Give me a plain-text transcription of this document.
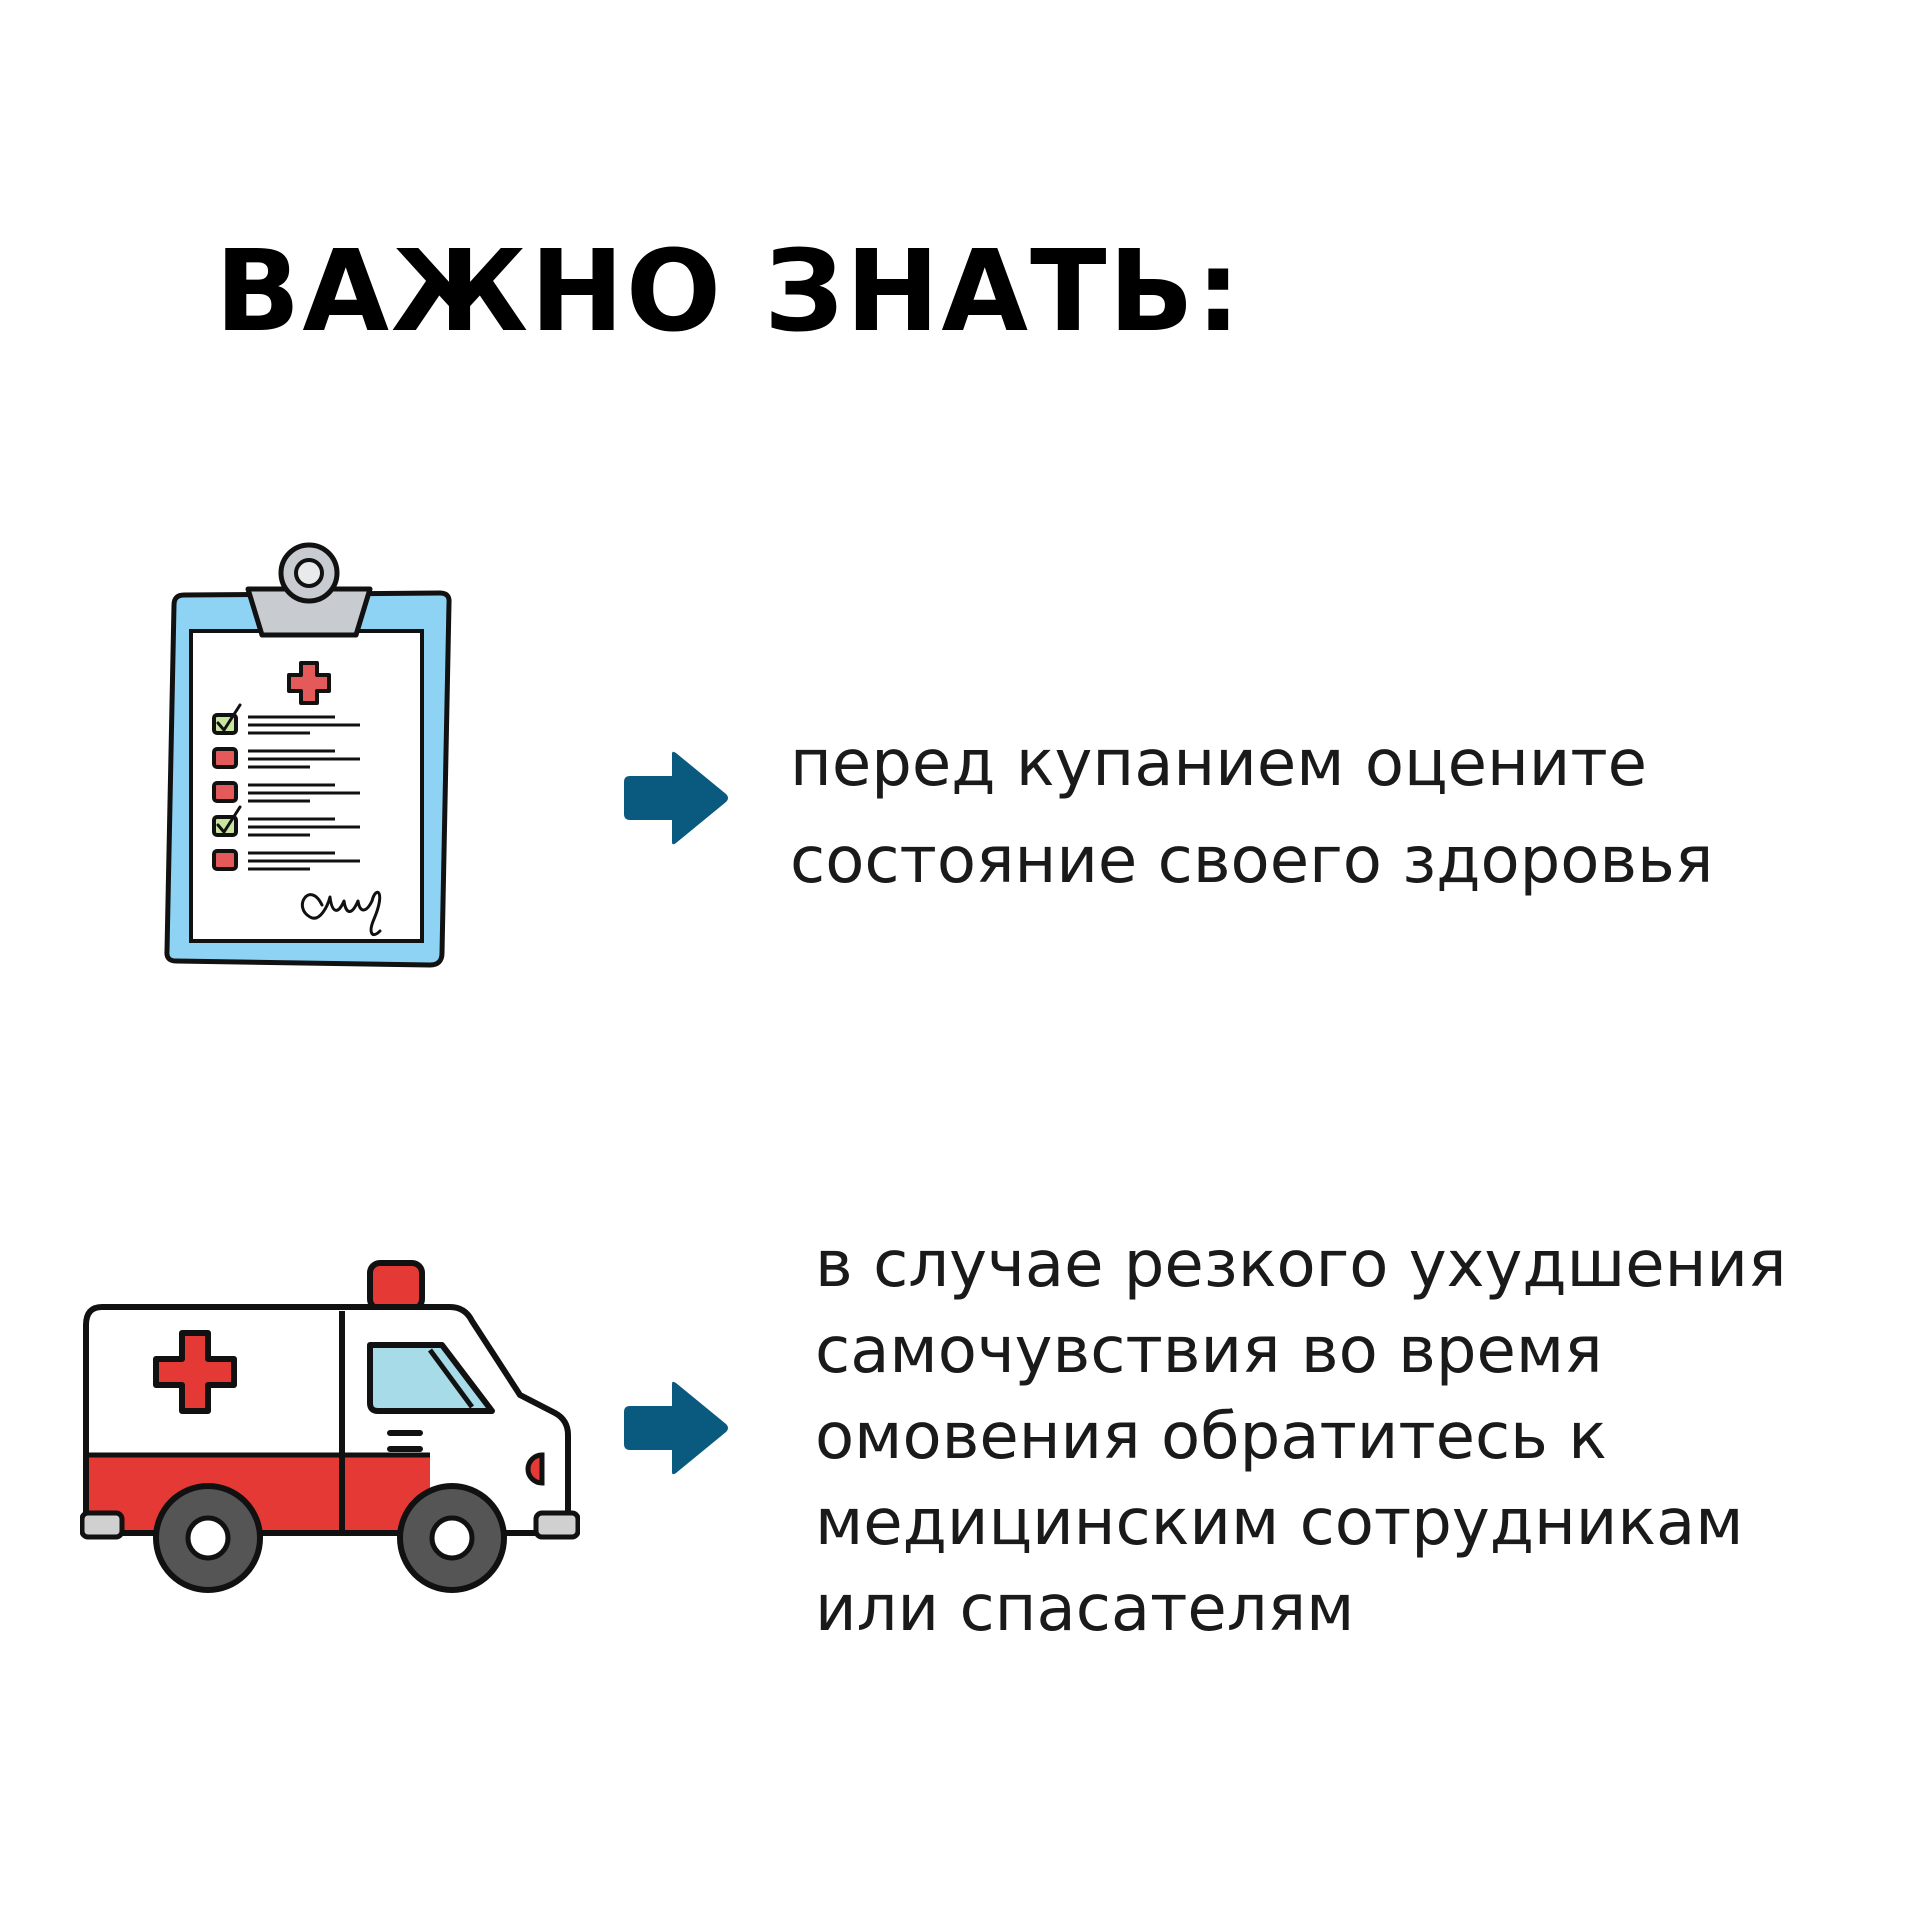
ВАЖНО ЗНАТЬ:

перед купанием оцените
состояние своего здоровья

в случае резкого ухудшения
самочувствия во время
омовения обратитесь к
медицинским сотрудникам
или спасателям
